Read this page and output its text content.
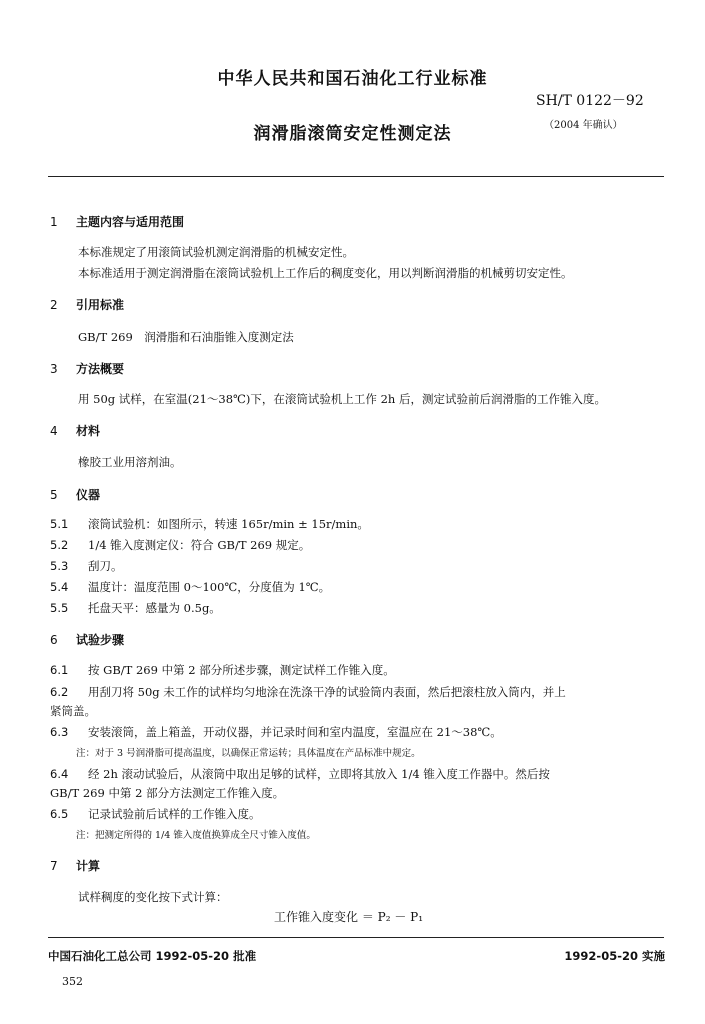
中华人民共和国石油化工行业标准
SH/T 0122－92
（2004 年确认）
润滑脂滚筒安定性测定法
1 主题内容与适用范围
本标准规定了用滚筒试验机测定润滑脂的机械安定性。
本标准适用于测定润滑脂在滚筒试验机上工作后的稠度变化，用以判断润滑脂的机械剪切安定性。
2 引用标准
GB/T 269　润滑脂和石油脂锥入度测定法
3 方法概要
用 50g 试样，在室温(21～38℃)下，在滚筒试验机上工作 2h 后，测定试验前后润滑脂的工作锥入度。
4 材料
橡胶工业用溶剂油。
5 仪器
5.1 滚筒试验机：如图所示，转速 165r/min ± 15r/min。
5.2 1/4 锥入度测定仪：符合 GB/T 269 规定。
5.3 刮刀。
5.4 温度计：温度范围 0～100℃，分度值为 1℃。
5.5 托盘天平：感量为 0.5g。
6 试验步骤
6.1 按 GB/T 269 中第 2 部分所述步骤，测定试样工作锥入度。
6.2 用刮刀将 50g 未工作的试样均匀地涂在洗涤干净的试验筒内表面，然后把滚柱放入筒内，并上
紧筒盖。
6.3 安装滚筒，盖上箱盖，开动仪器，并记录时间和室内温度，室温应在 21～38℃。
注：对于 3 号润滑脂可提高温度，以确保正常运转；具体温度在产品标准中规定。
6.4 经 2h 滚动试验后，从滚筒中取出足够的试样，立即将其放入 1/4 锥入度工作器中。然后按
GB/T 269 中第 2 部分方法测定工作锥入度。
6.5 记录试验前后试样的工作锥入度。
注：把测定所得的 1/4 锥入度值换算成全尺寸锥入度值。
7 计算
试样稠度的变化按下式计算：
工作锥入度变化 ＝ P₂ － P₁
中国石油化工总公司 1992-05-20 批准	1992-05-20 实施
352
